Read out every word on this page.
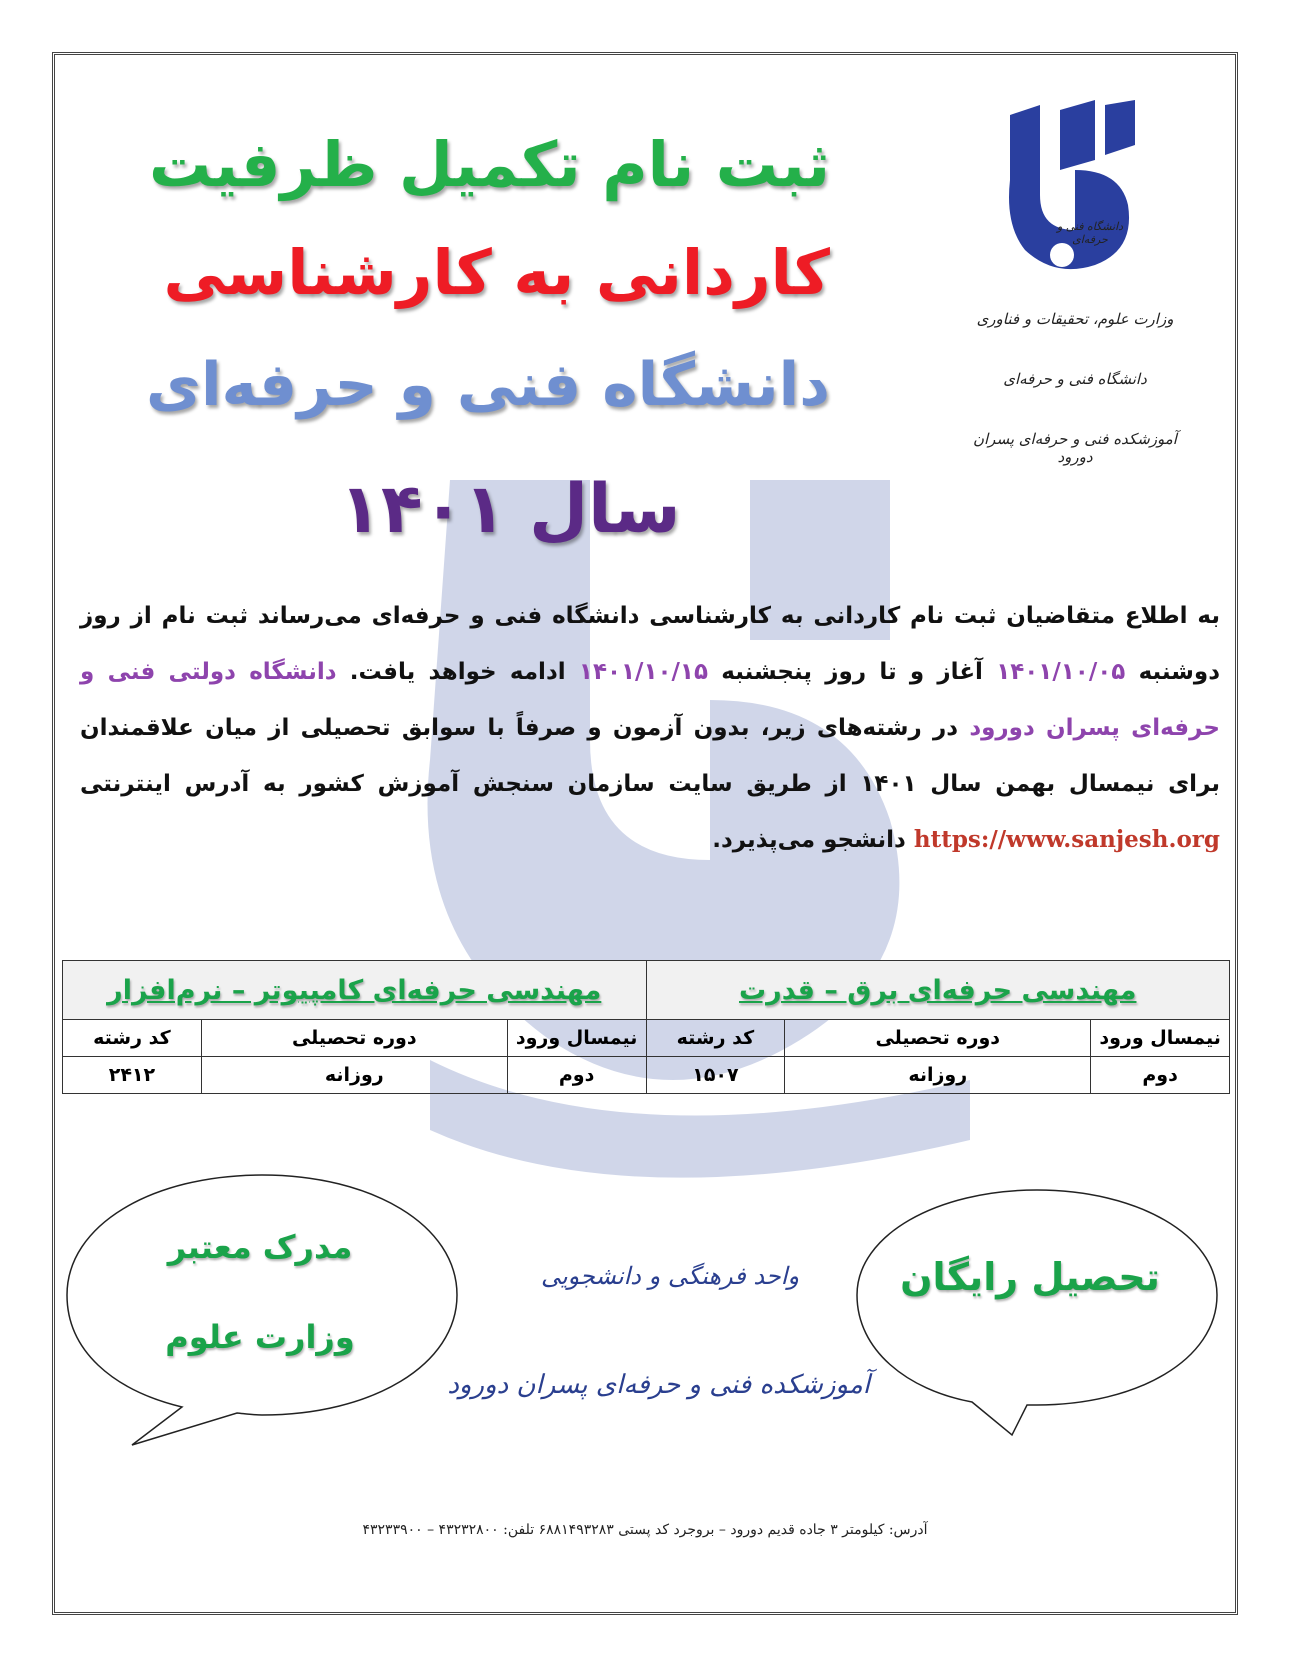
دانشگاه فنی و حرفه‌ای
وزارت علوم، تحقیقات و فناوری
دانشگاه فنی و حرفه‌ای
آموزشکده فنی و حرفه‌ای پسران دورود
ثبت نام تکمیل ظرفیت
کاردانی به کارشناسی
دانشگاه فنی و حرفه‌ای
سال ۱۴۰۱
به اطلاع متقاضیان ثبت نام کاردانی به کارشناسی دانشگاه فنی و حرفه‌ای می‌رساند ثبت نام از روز دوشنبه ۱۴۰۱/۱۰/۰۵ آغاز و تا روز پنجشنبه ۱۴۰۱/۱۰/۱۵ ادامه خواهد یافت. دانشگاه دولتی فنی و حرفه‌ای پسران دورود در رشته‌های زیر، بدون آزمون و صرفاً با سوابق تحصیلی از میان علاقمندان برای نیمسال بهمن سال ۱۴۰۱ از طریق سایت سازمان سنجش آموزش کشور به آدرس اینترنتی https://www.sanjesh.org دانشجو می‌پذیرد.
مهندسی حرفه‌ای برق – قدرت			مهندسی حرفه‌ای کامپیوتر – نرم‌افزار		
نیمسال ورود	دوره تحصیلی	کد رشته	نیمسال ورود	دوره تحصیلی	کد رشته
دوم	روزانه	۱۵۰۷	دوم	روزانه	۲۴۱۲
مدرک معتبر
وزارت علوم
تحصیل رایگان
واحد فرهنگی و دانشجویی
آموزشکده فنی و حرفه‌ای پسران دورود
آدرس: کیلومتر ۳ جاده قدیم دورود – بروجرد کد پستی ۶۸۸۱۴۹۳۲۸۳ تلفن: ۴۳۲۳۲۸۰۰ – ۴۳۲۳۳۹۰۰
